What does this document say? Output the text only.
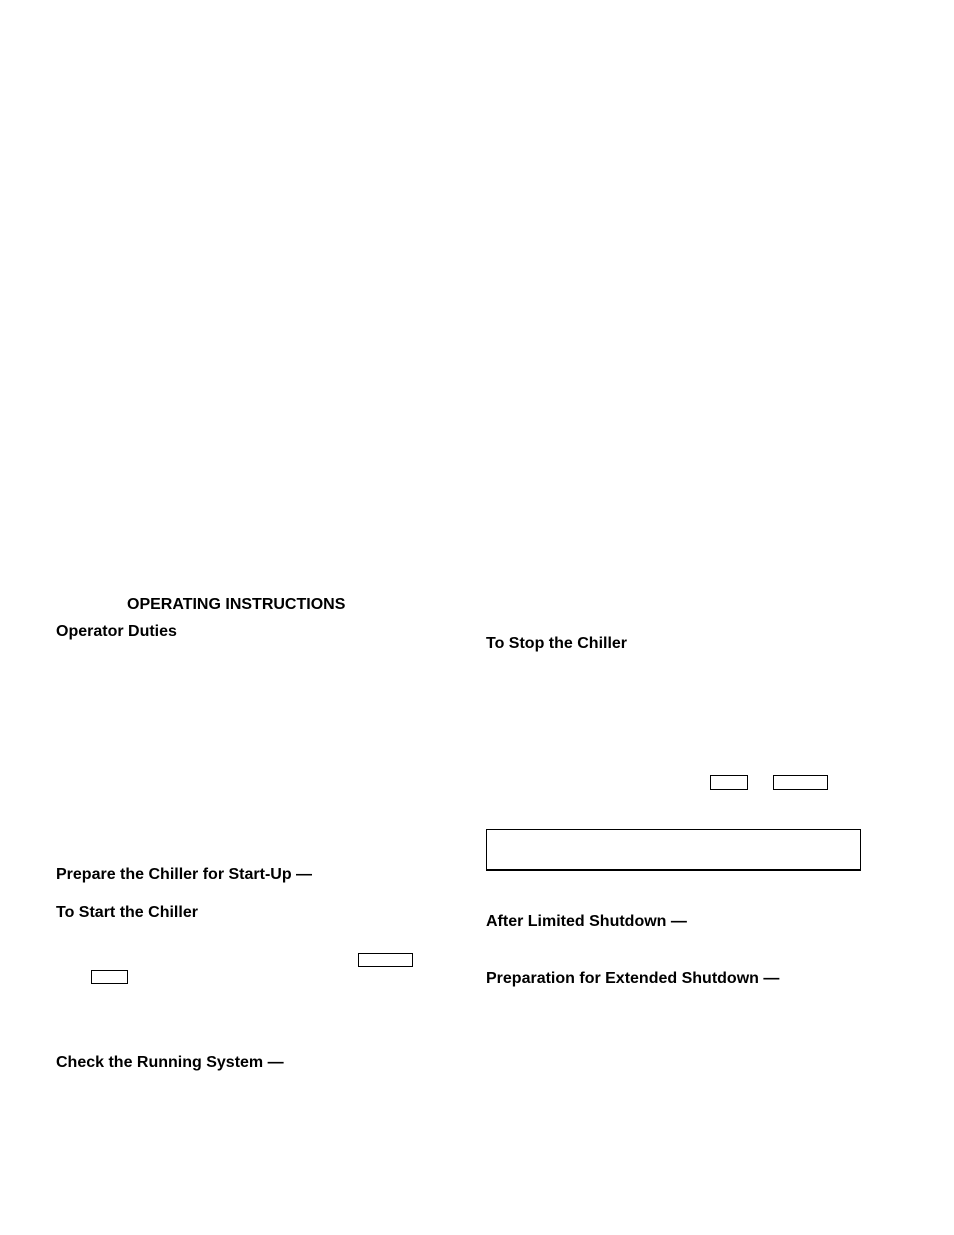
OPERATING INSTRUCTIONS
Operator Duties
Prepare the Chiller for Start-Up —
To Start the Chiller
Check the Running System —
To Stop the Chiller
After Limited Shutdown —
Preparation for Extended Shutdown —
